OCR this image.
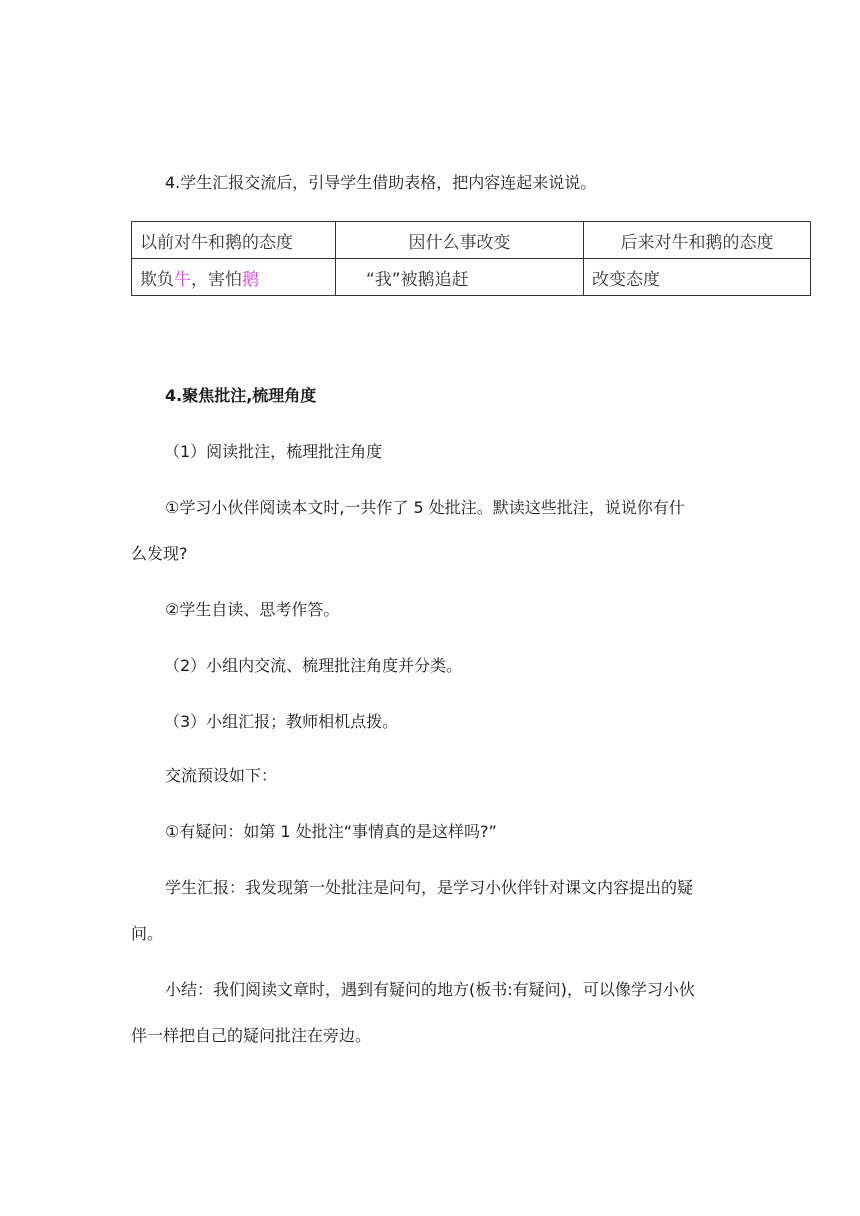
4.学生汇报交流后，引导学生借助表格，把内容连起来说说。
以前对牛和鹅的态度	因什么事改变	后来对牛和鹅的态度
欺负牛，害怕鹅	“我”被鹅追赶	改变态度
4.聚焦批注,梳理角度
（1）阅读批注，梳理批注角度
①学习小伙伴阅读本文时,一共作了 5 处批注。默读这些批注，说说你有什
么发现?
②学生自读、思考作答。
（2）小组内交流、梳理批注角度并分类。
（3）小组汇报；教师相机点拨。
交流预设如下：
①有疑问：如第 1 处批注“事情真的是这样吗?”
学生汇报：我发现第一处批注是问句，是学习小伙伴针对课文内容提出的疑
问。
小结：我们阅读文章时，遇到有疑问的地方(板书:有疑问)，可以像学习小伙
伴一样把自己的疑问批注在旁边。
